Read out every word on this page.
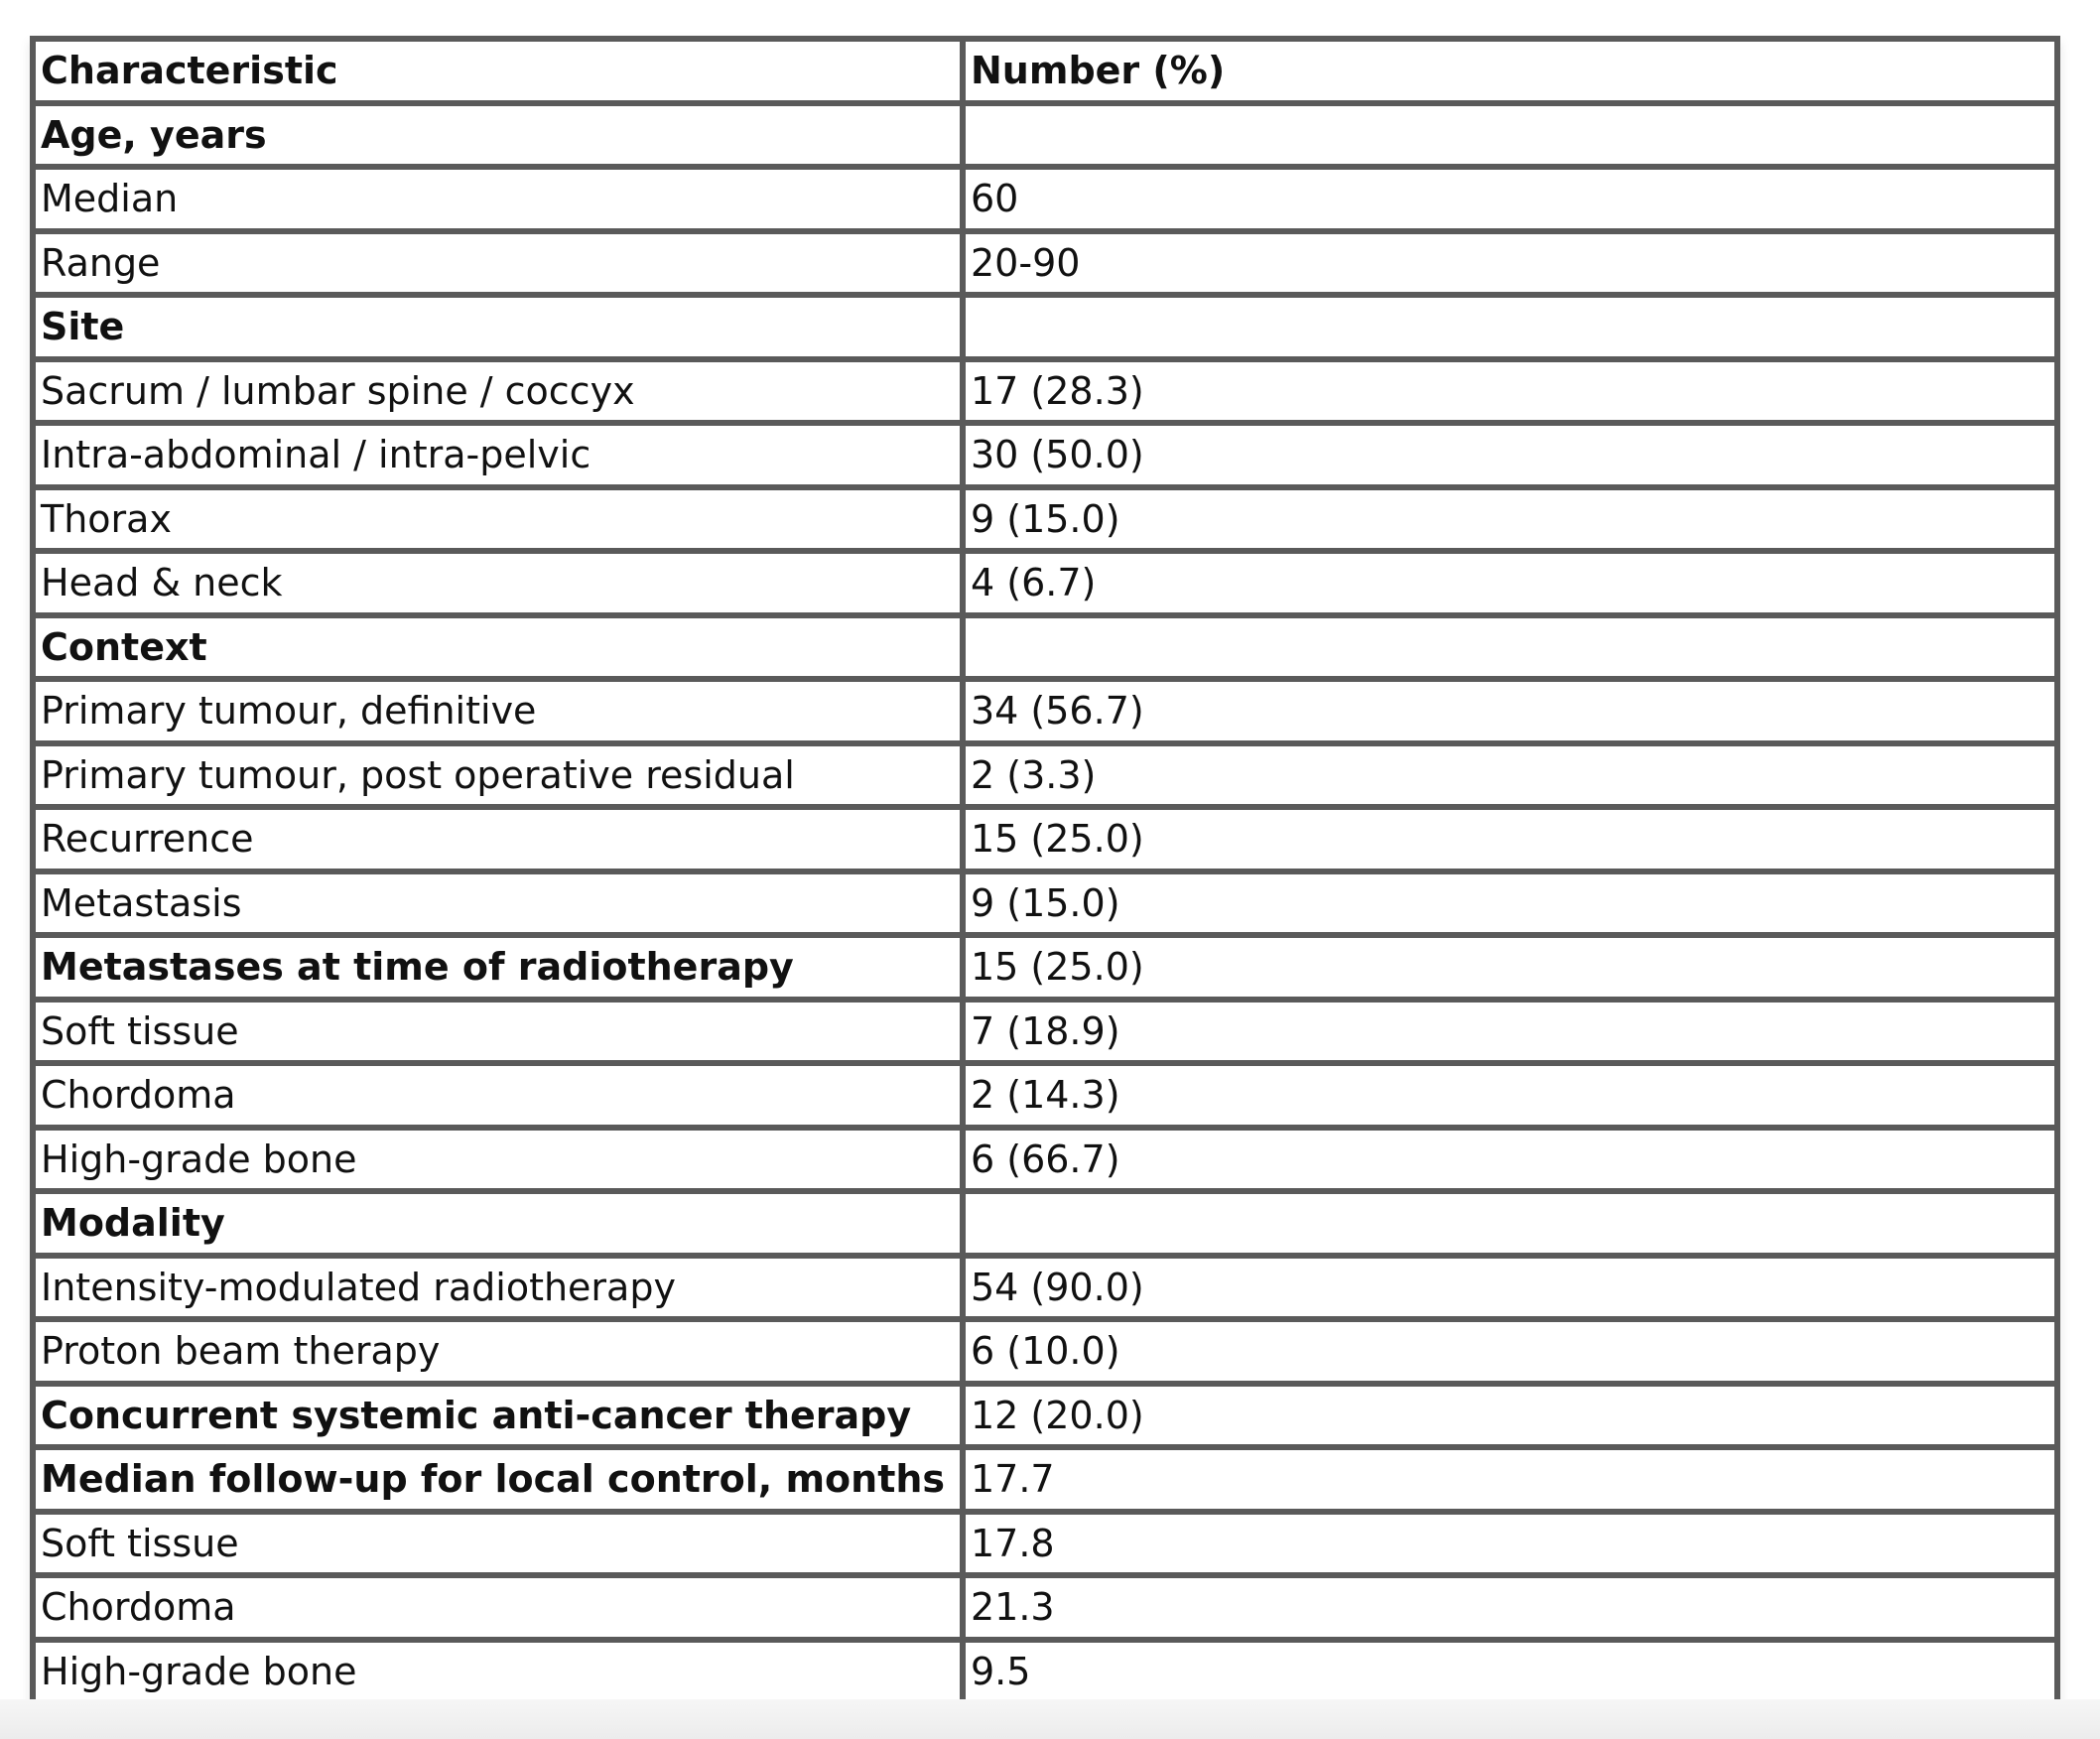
Characteristic	Number (%)
Age, years	
Median	60
Range	20-90
Site	
Sacrum / lumbar spine / coccyx	17 (28.3)
Intra-abdominal / intra-pelvic	30 (50.0)
Thorax	9 (15.0)
Head & neck	4 (6.7)
Context	
Primary tumour, definitive	34 (56.7)
Primary tumour, post operative residual	2 (3.3)
Recurrence	15 (25.0)
Metastasis	9 (15.0)
Metastases at time of radiotherapy	15 (25.0)
Soft tissue	7 (18.9)
Chordoma	2 (14.3)
High-grade bone	6 (66.7)
Modality	
Intensity-modulated radiotherapy	54 (90.0)
Proton beam therapy	6 (10.0)
Concurrent systemic anti-cancer therapy	12 (20.0)
Median follow-up for local control, months	17.7
Soft tissue	17.8
Chordoma	21.3
High-grade bone	9.5
